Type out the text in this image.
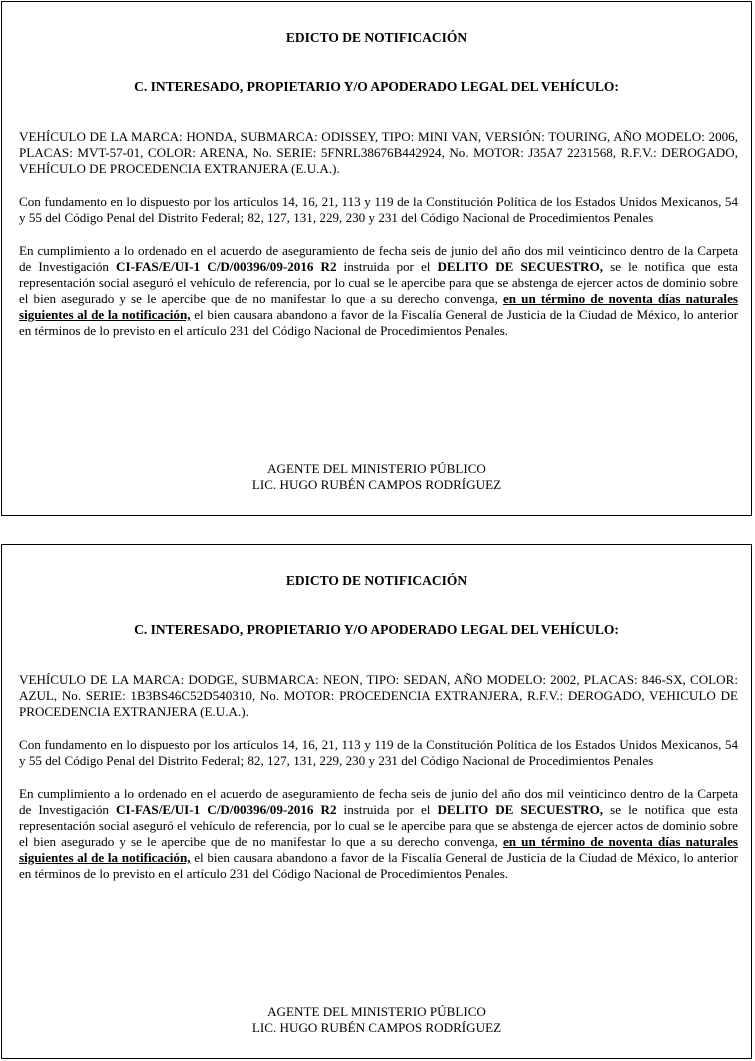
EDICTO DE NOTIFICACIÓN
C. INTERESADO, PROPIETARIO Y/O APODERADO LEGAL DEL VEHÍCULO:

VEHÍCULO DE LA MARCA: HONDA, SUBMARCA: ODISSEY, TIPO: MINI VAN, VERSIÓN: TOURING, AÑO MODELO: 2006, PLACAS: MVT-57-01, COLOR: ARENA, No. SERIE: 5FNRL38676B442924, No. MOTOR: J35A7 2231568, R.F.V.: DEROGADO, VEHÍCULO DE PROCEDENCIA EXTRANJERA (E.U.A.).

Con fundamento en lo dispuesto por los artículos 14, 16, 21, 113 y 119 de la Constitución Política de los Estados Unidos Mexicanos, 54 y 55 del Código Penal del Distrito Federal; 82, 127, 131, 229, 230 y 231 del Código Nacional de Procedimientos Penales

En cumplimiento a lo ordenado en el acuerdo de aseguramiento de fecha seis de junio del año dos mil veinticinco dentro de la Carpeta de Investigación CI-FAS/E/UI-1 C/D/00396/09-2016 R2 instruida por el DELITO DE SECUESTRO, se le notifica que esta representación social aseguró el vehículo de referencia, por lo cual se le apercibe para que se abstenga de ejercer actos de dominio sobre el bien asegurado y se le apercibe que de no manifestar lo que a su derecho convenga, en un término de noventa días naturales siguientes al de la notificación, el bien causara abandono a favor de la Fiscalía General de Justicia de la Ciudad de México, lo anterior en términos de lo previsto en el artículo 231 del Código Nacional de Procedimientos Penales.

AGENTE DEL MINISTERIO PÚBLICO
LIC. HUGO RUBÉN CAMPOS RODRÍGUEZ
EDICTO DE NOTIFICACIÓN
C. INTERESADO, PROPIETARIO Y/O APODERADO LEGAL DEL VEHÍCULO:

VEHÍCULO DE LA MARCA: DODGE, SUBMARCA: NEON, TIPO: SEDAN, AÑO MODELO: 2002, PLACAS: 846-SX, COLOR: AZUL, No. SERIE: 1B3BS46C52D540310, No. MOTOR: PROCEDENCIA EXTRANJERA, R.F.V.: DEROGADO, VEHICULO DE PROCEDENCIA EXTRANJERA (E.U.A.).

Con fundamento en lo dispuesto por los artículos 14, 16, 21, 113 y 119 de la Constitución Política de los Estados Unidos Mexicanos, 54 y 55 del Código Penal del Distrito Federal; 82, 127, 131, 229, 230 y 231 del Código Nacional de Procedimientos Penales

En cumplimiento a lo ordenado en el acuerdo de aseguramiento de fecha seis de junio del año dos mil veinticinco dentro de la Carpeta de Investigación CI-FAS/E/UI-1 C/D/00396/09-2016 R2 instruida por el DELITO DE SECUESTRO, se le notifica que esta representación social aseguró el vehículo de referencia, por lo cual se le apercibe para que se abstenga de ejercer actos de dominio sobre el bien asegurado y se le apercibe que de no manifestar lo que a su derecho convenga, en un término de noventa días naturales siguientes al de la notificación, el bien causara abandono a favor de la Fiscalía General de Justicia de la Ciudad de México, lo anterior en términos de lo previsto en el artículo 231 del Código Nacional de Procedimientos Penales.

AGENTE DEL MINISTERIO PÚBLICO
LIC. HUGO RUBÉN CAMPOS RODRÍGUEZ
